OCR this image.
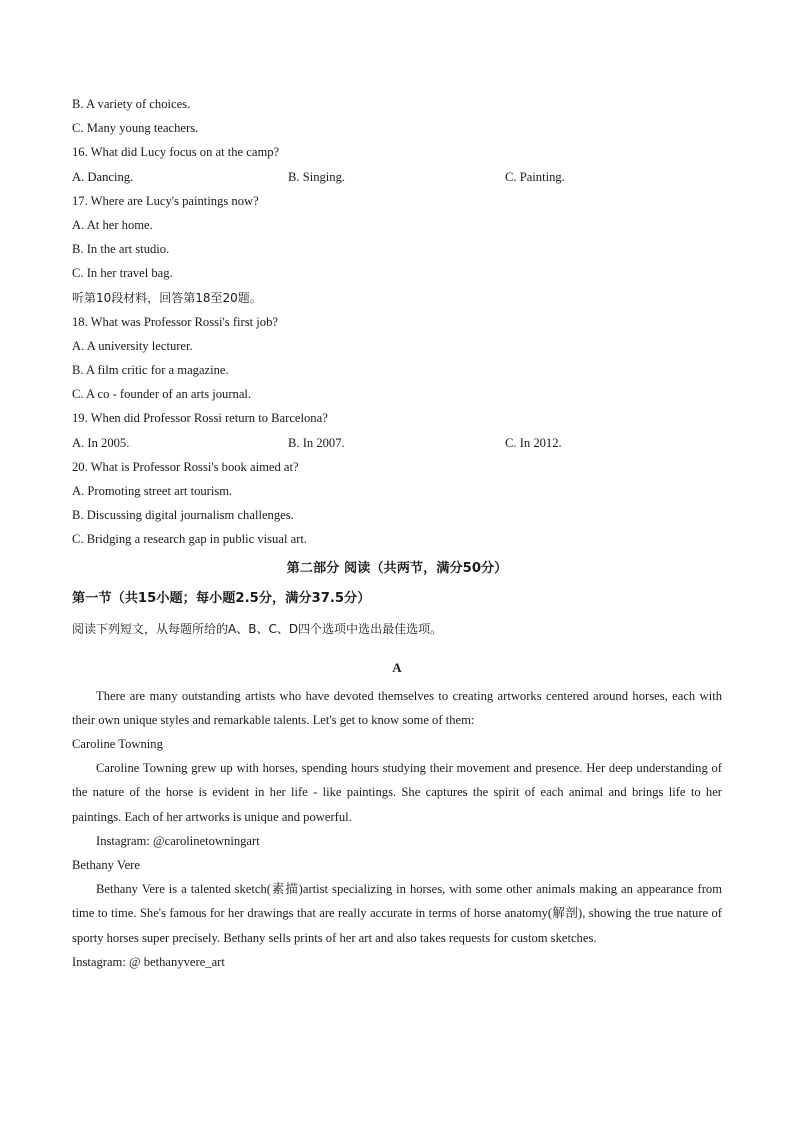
B. A variety of choices.
C. Many young teachers.
16. What did Lucy focus on at the camp?
A. Dancing.	B. Singing.	C. Painting.
17. Where are Lucy's paintings now?
A. At her home.
B. In the art studio.
C. In her travel bag.
听第10段材料，回答第18至20题。
18. What was Professor Rossi's first job?
A. A university lecturer.
B. A film critic for a magazine.
C. A co - founder of an arts journal.
19. When did Professor Rossi return to Barcelona?
A. In 2005.	B. In 2007.	C. In 2012.
20. What is Professor Rossi's book aimed at?
A. Promoting street art tourism.
B. Discussing digital journalism challenges.
C. Bridging a research gap in public visual art.
第二部分 阅读（共两节，满分50分）
第一节（共15小题；每小题2.5分，满分37.5分）
阅读下列短文，从每题所给的A、B、C、D四个选项中选出最佳选项。
A
There are many outstanding artists who have devoted themselves to creating artworks centered around horses, each with their own unique styles and remarkable talents. Let's get to know some of them:
Caroline Towning
Caroline Towning grew up with horses, spending hours studying their movement and presence. Her deep understanding of the nature of the horse is evident in her life - like paintings. She captures the spirit of each animal and brings life to her paintings. Each of her artworks is unique and powerful.
Instagram: @carolinetowningart
Bethany Vere
Bethany Vere is a talented sketch(素描)artist specializing in horses, with some other animals making an appearance from time to time. She's famous for her drawings that are really accurate in terms of horse anatomy(解剖), showing the true nature of sporty horses super precisely. Bethany sells prints of her art and also takes requests for custom sketches.
Instagram: @ bethanyvere_art
